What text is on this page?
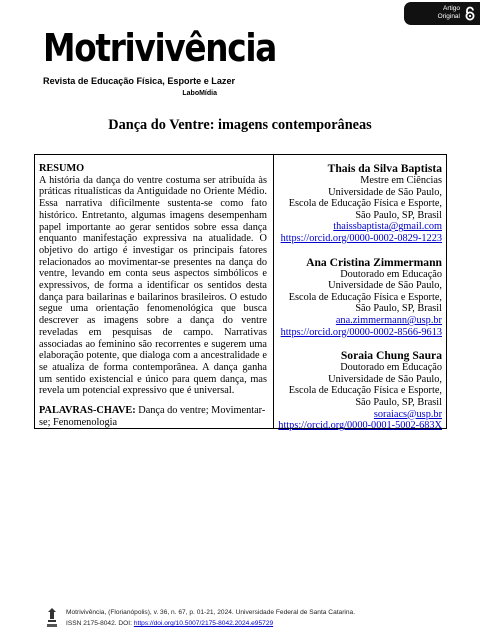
Artigo
Original
Motrivivência
Revista de Educação Física, Esporte e Lazer
LaboMídia
Dança do Ventre: imagens contemporâneas
RESUMO
A história da dança do ventre costuma ser atribuída às práticas ritualísticas da Antiguidade no Oriente Médio. Essa narrativa dificilmente sustenta-se como fato histórico. Entretanto, algumas imagens desempenham papel importante ao gerar sentidos sobre essa dança enquanto manifestação expressiva na atualidade. O objetivo do artigo é investigar os principais fatores relacionados ao movimentar-se presentes na dança do ventre, levando em conta seus aspectos simbólicos e expressivos, de forma a identificar os sentidos desta dança para bailarinas e bailarinos brasileiros. O estudo segue uma orientação fenomenológica que busca descrever as imagens sobre a dança do ventre reveladas em pesquisas de campo. Narrativas associadas ao feminino são recorrentes e sugerem uma elaboração potente, que dialoga com a ancestralidade e se atualiza de forma contemporânea. A dança ganha um sentido existencial e único para quem dança, mas revela um potencial expressivo que é universal.
PALAVRAS-CHAVE: Dança do ventre; Movimentar-se; Fenomenologia
Thais da Silva Baptista
Mestre em Ciências
Universidade de São Paulo,
Escola de Educação Física e Esporte,
São Paulo, SP, Brasil
thaissbaptista@gmail.com
https://orcid.org/0000-0002-0829-1223
Ana Cristina Zimmermann
Doutorado em Educação
Universidade de São Paulo,
Escola de Educação Física e Esporte,
São Paulo, SP, Brasil
ana.zimmermann@usp.br
https://orcid.org/0000-0002-8566-9613
Soraia Chung Saura
Doutorado em Educação
Universidade de São Paulo,
Escola de Educação Física e Esporte,
São Paulo, SP, Brasil
soraiacs@usp.br
https://orcid.org/0000-0001-5002-683X
Motrivivência, (Florianópolis), v. 36, n. 67, p. 01-21, 2024. Universidade Federal de Santa Catarina.
ISSN 2175-8042. DOI: https://doi.org/10.5007/2175-8042.2024.e95729
